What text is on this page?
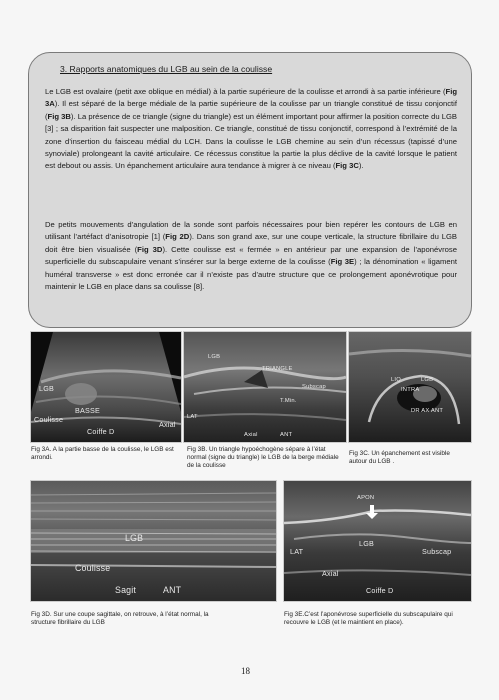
3. Rapports anatomiques du LGB au sein de la coulisse

Le LGB est ovalaire (petit axe oblique en médial) à la partie supérieure de la coulisse et arrondi à sa partie inférieure (Fig 3A). Il est séparé de la berge médiale de la partie supérieure de la coulisse par un triangle constitué de tissu conjonctif (Fig 3B). La présence de ce triangle (signe du triangle) est un élément important pour affirmer la position correcte du LGB [3] ; sa disparition fait suspecter une malposition. Ce triangle, constitué de tissu conjonctif, correspond à l’extrémité de la zone d’insertion du faisceau médial du LCH. Dans la coulisse le LGB chemine au sein d’un récessus (tapissé d’une synoviale) prolongeant la cavité articulaire. Ce récessus constitue la partie la plus déclive de la cavité lorsque le patient est debout ou assis. Un épanchement articulaire aura tendance à migrer à ce niveau (Fig 3C).

De petits mouvements d’angulation de la sonde sont parfois nécessaires pour bien repérer les contours de LGB en utilisant l’artéfact d’anisotropie [1] (Fig 2D). Dans son grand axe, sur une coupe verticale, la structure fibrillaire du LGB doit être bien visualisée (Fig 3D). Cette coulisse est « fermée » en antérieur par une expansion de l’aponévrose superficielle du subscapulaire venant s’insérer sur la berge externe de la coulisse (Fig 3E) ; la dénomination « ligament huméral transverse » est donc erronée car il n’existe pas d’autre structure que ce prolongement aponévrotique pour maintenir le LGB en place dans sa coulisse [8].

LGB
BASSE
Coulisse
Coiffe D
Axial

Fig 3A. A la partie basse de la coulisse, le LGB est arrondi.

LGB
TRIANGLE
Subscap
T.Min.
LAT
Axial	ANT

Fig 3B. Un triangle hypoéchogène sépare à l’état normal (signe du triangle) le LGB de la berge médiale de la coulisse

LIQ	LGB
INTRA
DR AX ANT

Fig 3C. Un épanchement est visible autour du LGB .

LGB
Coulisse
Sagit	ANT

Fig 3D. Sur une coupe sagittale, on retrouve, à l’état normal, la structure fibrillaire du LGB

APON
LGB
Subscap
LAT
Axial
Coiffe D

Fig 3E.C’est l’aponévrose superficielle du subscapulaire qui recouvre le LGB (et le maintient en place).

18
